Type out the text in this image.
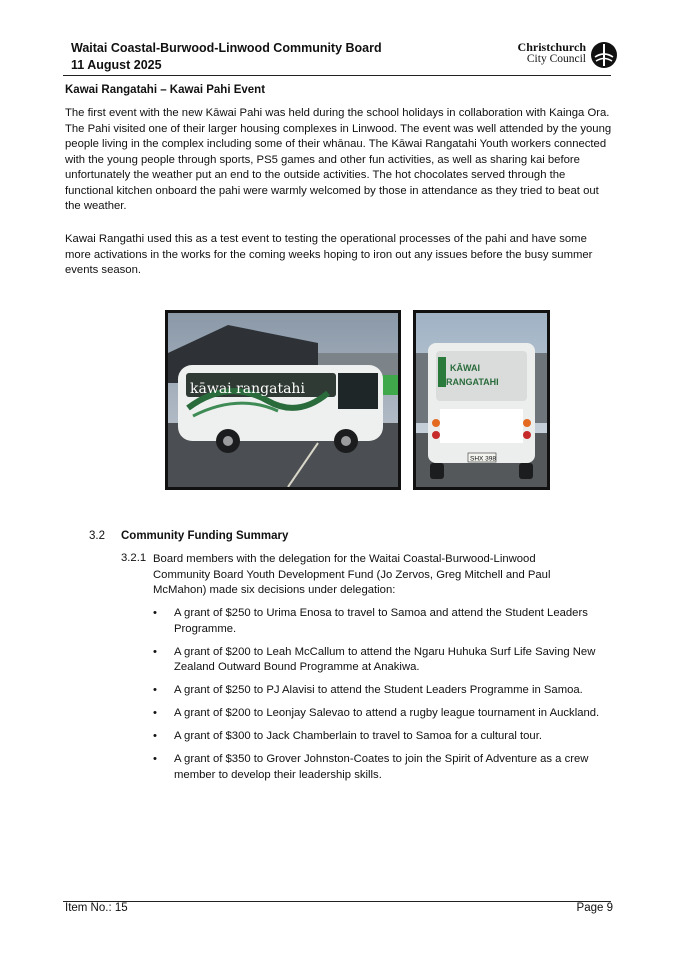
Waitai Coastal-Burwood-Linwood Community Board
11 August 2025
Christchurch
City Council
Kawai Rangatahi – Kawai Pahi Event
The first event with the new Kāwai Pahi was held during the school holidays in collaboration with Kainga Ora. The Pahi visited one of their larger housing complexes in Linwood. The event was well attended by the young people living in the complex including some of their whānau. The Kāwai Rangatahi Youth workers connected with the young people through sports, PS5 games and other fun activities, as well as sharing kai before unfortunately the weather put an end to the outside activities. The hot chocolates served through the functional kitchen onboard the pahi were warmly welcomed by those in attendance as they tried to beat out the weather.
Kawai Rangathi used this as a test event to testing the operational processes of the pahi and have some more activations in the works for the coming weeks hoping to iron out any issues before the busy summer events season.
kāwai rangatahi
KĀWAI
RANGATAHI
SHX 398
3.2 Community Funding Summary
3.2.1 Board members with the delegation for the Waitai Coastal-Burwood-Linwood Community Board Youth Development Fund (Jo Zervos, Greg Mitchell and Paul McMahon) made six decisions under delegation:
• A grant of $250 to Urima Enosa to travel to Samoa and attend the Student Leaders Programme.
• A grant of $200 to Leah McCallum to attend the Ngaru Huhuka Surf Life Saving New Zealand Outward Bound Programme at Anakiwa.
• A grant of $250 to PJ Alavisi to attend the Student Leaders Programme in Samoa.
• A grant of $200 to Leonjay Salevao to attend a rugby league tournament in Auckland.
• A grant of $300 to Jack Chamberlain to travel to Samoa for a cultural tour.
• A grant of $350 to Grover Johnston-Coates to join the Spirit of Adventure as a crew member to develop their leadership skills.
Item No.: 15	Page 9
